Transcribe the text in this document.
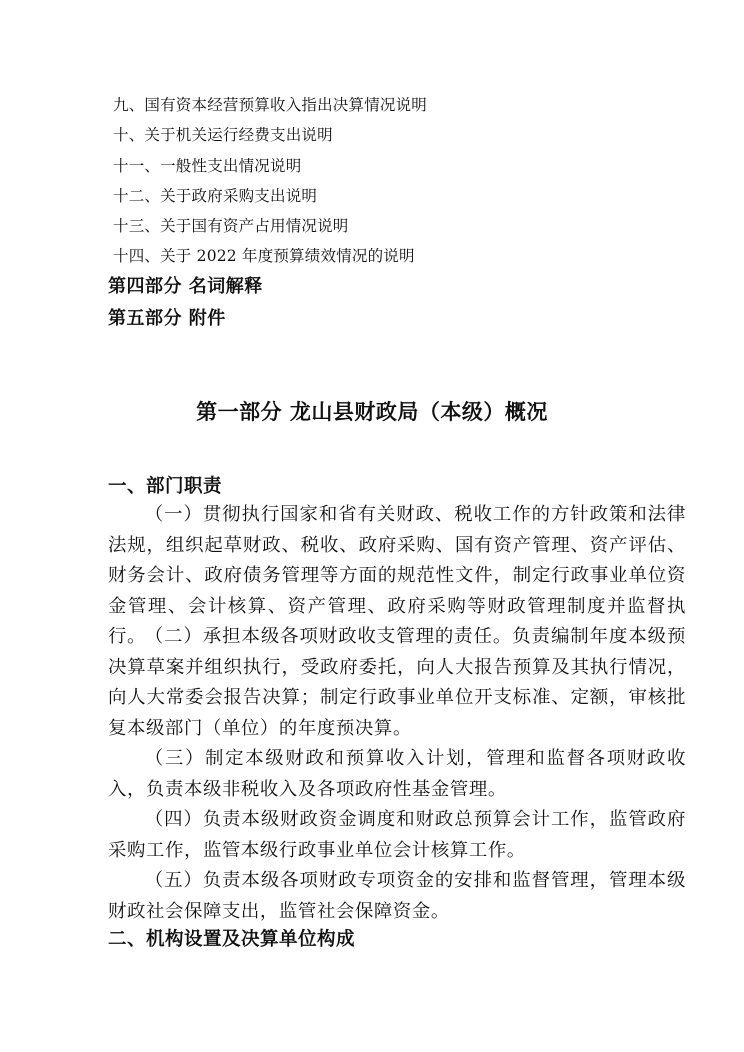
九、国有资本经营预算收入指出决算情况说明
十、关于机关运行经费支出说明
十一、一般性支出情况说明
十二、关于政府采购支出说明
十三、关于国有资产占用情况说明
十四、关于 2022 年度预算绩效情况的说明
第四部分 名词解释
第五部分 附件
第一部分 龙山县财政局（本级）概况
一、部门职责

（一）贯彻执行国家和省有关财政、税收工作的方针政策和法律法规，组织起草财政、税收、政府采购、国有资产管理、资产评估、财务会计、政府债务管理等方面的规范性文件，制定行政事业单位资金管理、会计核算、资产管理、政府采购等财政管理制度并监督执行。

（二）承担本级各项财政收支管理的责任。负责编制年度本级预决算草案并组织执行，受政府委托，向人大报告预算及其执行情况，向人大常委会报告决算；制定行政事业单位开支标准、定额，审核批复本级部门（单位）的年度预决算。

（三）制定本级财政和预算收入计划，管理和监督各项财政收入，负责本级非税收入及各项政府性基金管理。

（四）负责本级财政资金调度和财政总预算会计工作，监管政府采购工作，监管本级行政事业单位会计核算工作。

（五）负责本级各项财政专项资金的安排和监督管理，管理本级财政社会保障支出，监管社会保障资金。

二、机构设置及决算单位构成
